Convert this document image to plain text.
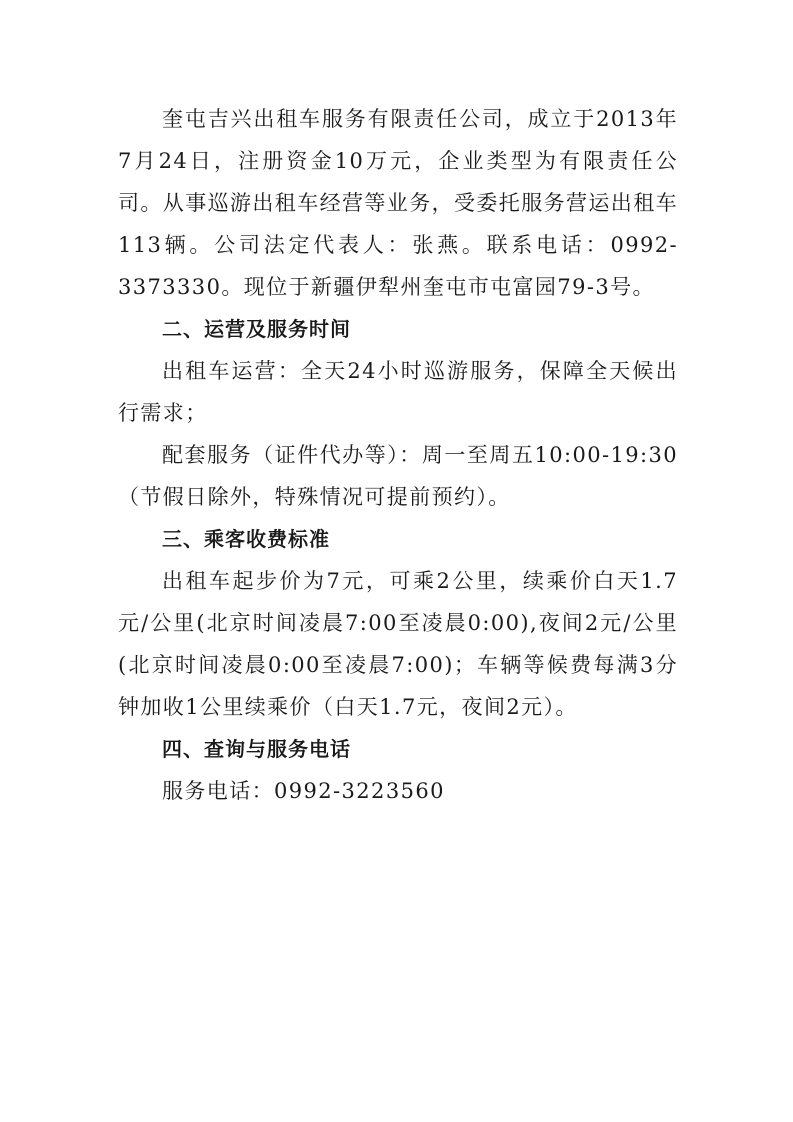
奎屯吉兴出租车服务有限责任公司，成立于2013年7月24日，注册资金10万元，企业类型为有限责任公司。从事巡游出租车经营等业务，受委托服务营运出租车113辆。公司法定代表人：张燕。联系电话：0992-3373330。现位于新疆伊犁州奎屯市屯富园79-3号。

二、运营及服务时间

出租车运营：全天24小时巡游服务，保障全天候出行需求；

配套服务（证件代办等）：周一至周五10:00-19:30（节假日除外，特殊情况可提前预约）。

三、乘客收费标准

出租车起步价为7元，可乘2公里，续乘价白天1.7元/公里(北京时间凌晨7:00至凌晨0:00),夜间2元/公里(北京时间凌晨0:00至凌晨7:00)；车辆等候费每满3分钟加收1公里续乘价（白天1.7元，夜间2元）。

四、查询与服务电话

服务电话：0992-3223560
